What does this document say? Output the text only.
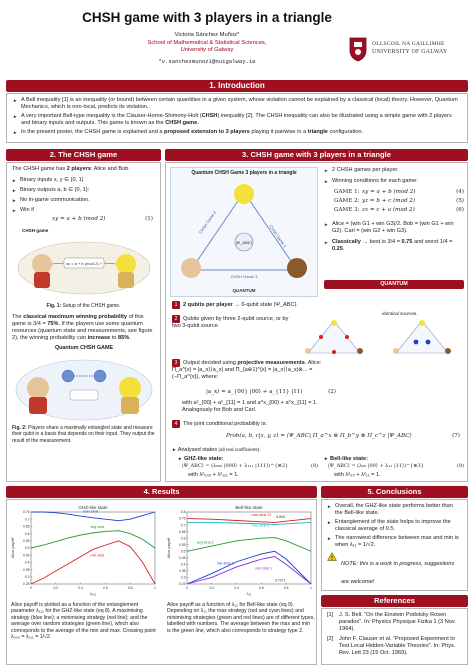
CHSH game with 3 players in a triangle
Victoria Sánchez Muñoz*
School of Mathematical & Statistical Sciences,
University of Galway
*v.sanchezmunoz1@nuigalway.ie
OLLSCOIL NA GAILLIMHE
UNIVERSITY OF GALWAY
1. Introduction
► A Bell inequality [1] is an inequality (or bound) between certain quantities in a given system, whose violation cannot be explained by a classical (local) theory. However, Quantum Mechanics, which is non-local, predicts its violation.
► A very important Bell-type inequality is the Clauser-Horne-Shimony-Holt (CHSH) inequality [2]. The CHSH inequality can also be illustrated using a simple game with 2 players and binary inputs and outputs. This game is known as the CHSH game.
► In the present poster, the CHSH game is explained and a proposed extension to 3 players playing it pairwise in a triangle configuration.
2. The CHSH game
The CHSH game has 2 players: Alice and Bob.
► Binary inputs x, y ∈ {0, 1}
► Binary outputs a, b ∈ {0, 1}:
► No in-game communication.
► Win if
xy = a + b (mod 2)	(1)
CHSH game
xy = a + b (mod 2) ?
Fig. 1: Setup of the CHSH game.
The classical maximum winning probability of this game is 3/4 = 75%. If the players use some quantum resources (quantum state and measurements, see figure 2), the winning probability can increase to 85%.
Quantum CHSH GAME
Fig. 2: Players share a maximally entangled state and measure their qubit in a basis that depends on their input. They output the result of the measurement.
3. CHSH game with 3 players in a triangle
Quantum CHSH Game 3 players in a triangle
CHSH Game 1
CHSH Game 2
CHSH Game 3
|Ψ_ABC⟩
QUANTUM
► 2 CHSH games per player.
► Winning conditions for each game:
GAME 1: xy = a + b (mod 2)	(4)
GAME 2: yz = b + c (mod 2)	(5)
GAME 3: zx = c + a (mod 2)	(6)
► Alice = (win G1 + win G3)/2. Bob = (win G1 + win G2). Carl = (win G2 + win G3).
► Classically → best is 3/4 = 0.75 and worst 1/4 = 0.25.
QUANTUM
1 2 qubits per player → 6-qubit state |Ψ_ABC⟩.
2 Qubits given by three 2-qubit source, or by two 3-qubit source.
identical sources.
3 Output decided using projective measurements. Alice: Π_a^{x} = |a_x⟩⟨a_x| and Π_{a⊕1}^{x} = |a_x⟩⟨a_x|⊗... = (−Π_a^{x}), where:
|a_x⟩ = a_{00} |00⟩ + a_{11} |11⟩	(2)
with a²_{00} + a²_{11} = 1 and a^x_{00} + a^x_{11} = 1. Analogously for Bob and Carl.
4 The joint conditional probability is:
Prob(a, b, c|x, y, z) = ⟨Ψ_ABC| Π_a^x ⊗ Π_b^y ⊗ Π_c^z |Ψ_ABC⟩	(7)
► Analysed states (all real coefficients):
► GHZ-like state:
|Ψ_ABC⟩ = (λ₀₀₀ |000⟩ + λ₁₁₁ |111⟩)^{⊗2}	(8)
with λ²₀₀₀ + λ²₁₁₁ = 1.
► Bell-like state:
|Ψ_ABC⟩ = (λ₀₀ |00⟩ + λ₁₁ |11⟩)^{⊗3}	(9)
with λ²₀₀ + λ²₁₁ = 1.
4. Results
GHZ-like state
0.25
0.3
0.35
0.4
0.45
0.5
0.55
0.6
0.65
0.7
0.75
0	0.2	0.4	0.6	0.8	1
λ₁₁₁
Alice payoff
max strat
avg strat
min strat
Bell-like state
0.25
0.3
0.35
0.4
0.45
0.5
0.55
0.6
0.65
0.7
0.75
0.8
0	0.2	0.4	0.6	0.8	1
λ₁₁
Alice payoff
max strat 12
max strat 6
avg strat 2
min strat 3
min strat 1
6.805
0.7071
Alice payoff is plotted as a function of the entanglement parameter λ₁₁₁ for the GHZ-like state (eq 8). A maximising strategy (blue line); a minimising strategy (red line); and the average over random strategies (green line), which also corresponds to the average of the min and max. Crossing point λ₀₀₀ = λ₁₁₁ = 1/√2.
Alice payoff as a function of λ₁₁ for Bell-like state (eq 9). Depending on λ₁₁ the max strategy (red and cyan lines) and minimising strategies (green and red lines) are of different types, labelled with numbers. The average between the max and min is the green line, which also corresponds to strategy type 2.
5. Conclusions
► Overall, the GHZ-like state performs better than the Bell-like state.
► Entanglement of the state helps to improve the classical average of 0.5.
► The narrowest difference between max and min is when λ₁₁ = 1/√2.
!
NOTE: this is a work in progress, suggestions are welcome!
References
[1] J. S. Bell. “On the Einstein Podolsky Rosen paradox”. In: Physics Physique Fizika 1 (3 Nov. 1964).
[2] John F. Clauser et al. “Proposed Experiment to Test Local Hidden-Variable Theories”. In: Phys. Rev. Lett 23 (15 Oct. 1969).
